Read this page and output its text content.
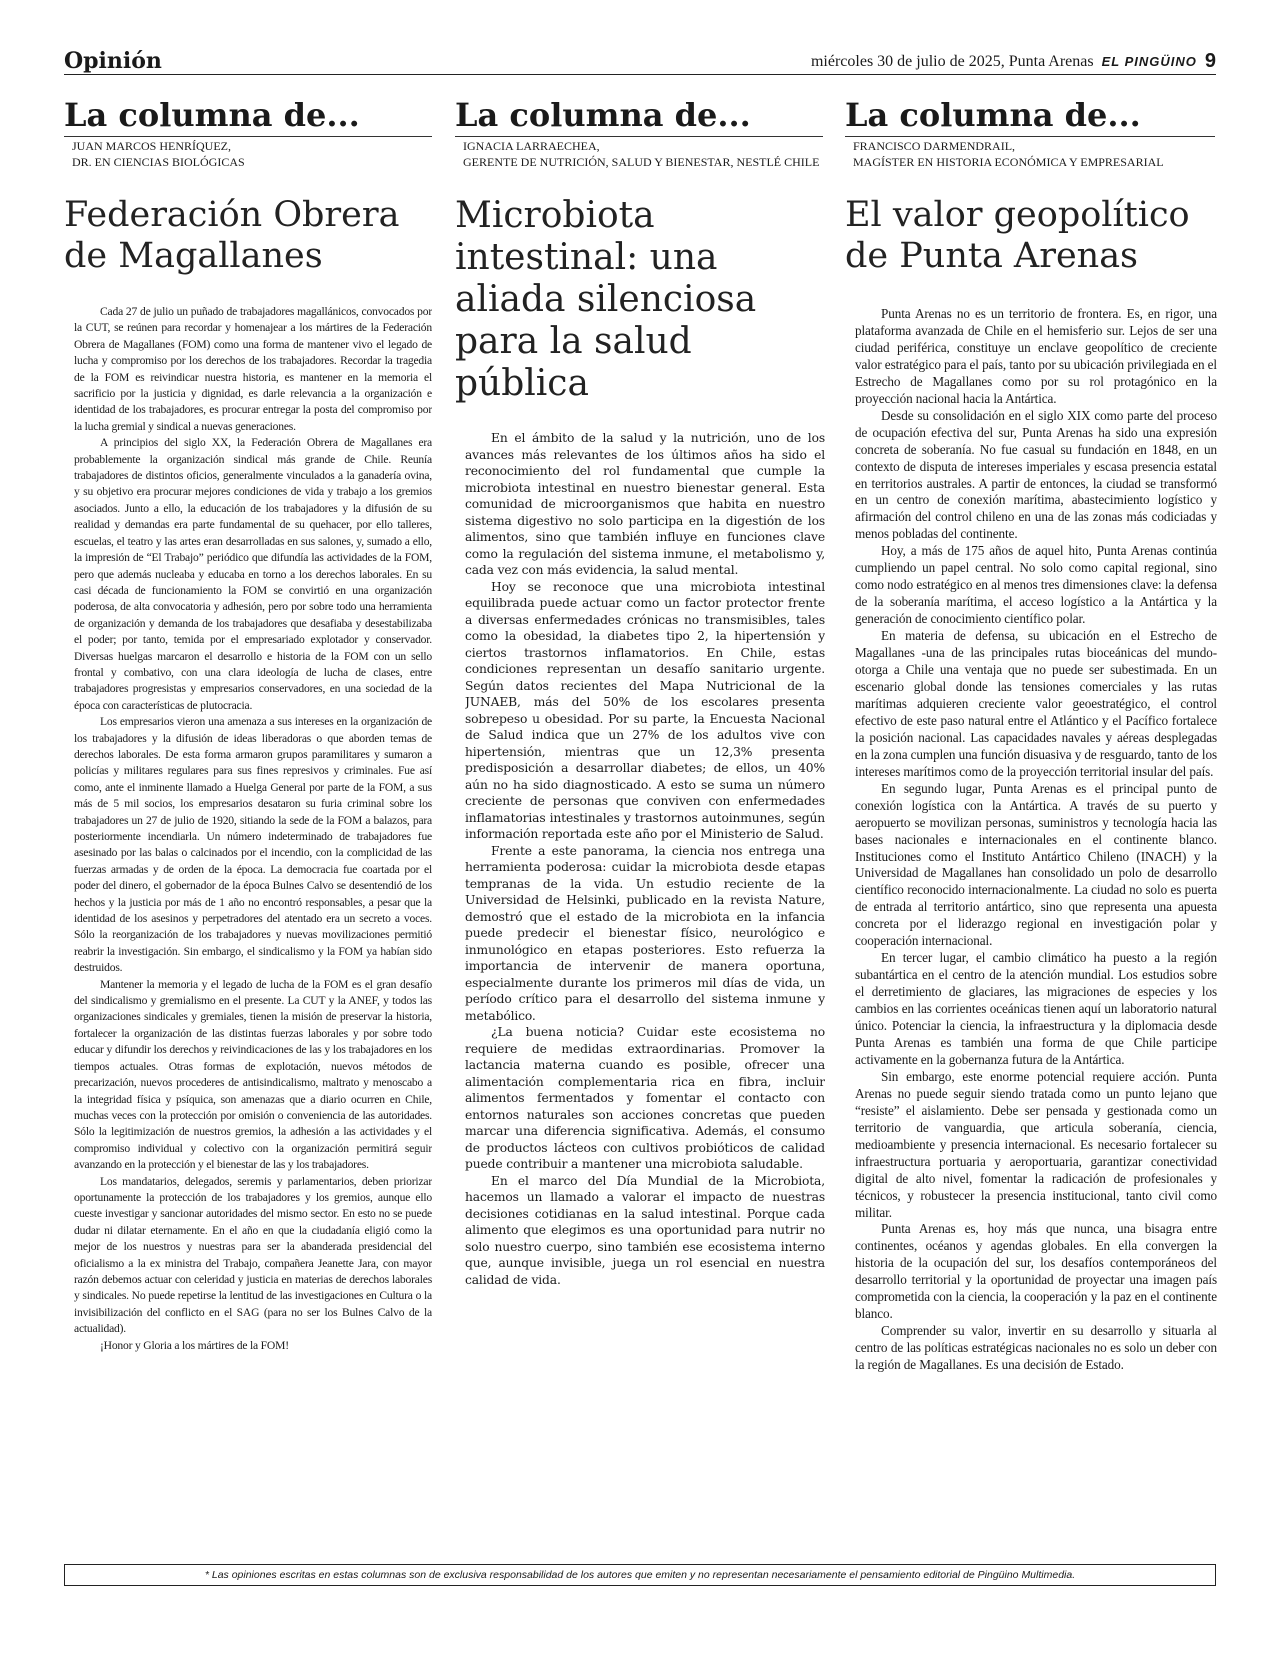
Opinión	miércoles 30 de julio de 2025, Punta Arenas EL PINGÜINO 9
La columna de...
JUAN MARCOS HENRÍQUEZ,
DR. EN CIENCIAS BIOLÓGICAS
Federación Obrera de Magallanes

Cada 27 de julio un puñado de trabajadores magallánicos, convocados por la CUT, se reúnen para recordar y homenajear a los mártires de la Federación Obrera de Magallanes (FOM) como una forma de mantener vivo el legado de lucha y compromiso por los derechos de los trabajadores. Recordar la tragedia de la FOM es reivindicar nuestra historia, es mantener en la memoria el sacrificio por la justicia y dignidad, es darle relevancia a la organización e identidad de los trabajadores, es procurar entregar la posta del compromiso por la lucha gremial y sindical a nuevas generaciones.

A principios del siglo XX, la Federación Obrera de Magallanes era probablemente la organización sindical más grande de Chile. Reunía trabajadores de distintos oficios, generalmente vinculados a la ganadería ovina, y su objetivo era procurar mejores condiciones de vida y trabajo a los gremios asociados. Junto a ello, la educación de los trabajadores y la difusión de su realidad y demandas era parte fundamental de su quehacer, por ello talleres, escuelas, el teatro y las artes eran desarrolladas en sus salones, y, sumado a ello, la impresión de “El Trabajo” periódico que difundía las actividades de la FOM, pero que además nucleaba y educaba en torno a los derechos laborales. En su casi década de funcionamiento la FOM se convirtió en una organización poderosa, de alta convocatoria y adhesión, pero por sobre todo una herramienta de organización y demanda de los trabajadores que desafiaba y desestabilizaba el poder; por tanto, temida por el empresariado explotador y conservador. Diversas huelgas marcaron el desarrollo e historia de la FOM con un sello frontal y combativo, con una clara ideología de lucha de clases, entre trabajadores progresistas y empresarios conservadores, en una sociedad de la época con características de plutocracia.

Los empresarios vieron una amenaza a sus intereses en la organización de los trabajadores y la difusión de ideas liberadoras o que aborden temas de derechos laborales. De esta forma armaron grupos paramilitares y sumaron a policías y militares regulares para sus fines represivos y criminales. Fue así como, ante el inminente llamado a Huelga General por parte de la FOM, a sus más de 5 mil socios, los empresarios desataron su furia criminal sobre los trabajadores un 27 de julio de 1920, sitiando la sede de la FOM a balazos, para posteriormente incendiarla. Un número indeterminado de trabajadores fue asesinado por las balas o calcinados por el incendio, con la complicidad de las fuerzas armadas y de orden de la época. La democracia fue coartada por el poder del dinero, el gobernador de la época Bulnes Calvo se desentendió de los hechos y la justicia por más de 1 año no encontró responsables, a pesar que la identidad de los asesinos y perpetradores del atentado era un secreto a voces. Sólo la reorganización de los trabajadores y nuevas movilizaciones permitió reabrir la investigación. Sin embargo, el sindicalismo y la FOM ya habían sido destruidos.

Mantener la memoria y el legado de lucha de la FOM es el gran desafío del sindicalismo y gremialismo en el presente. La CUT y la ANEF, y todos las organizaciones sindicales y gremiales, tienen la misión de preservar la historia, fortalecer la organización de las distintas fuerzas laborales y por sobre todo educar y difundir los derechos y reivindicaciones de las y los trabajadores en los tiempos actuales. Otras formas de explotación, nuevos métodos de precarización, nuevos procederes de antisindicalismo, maltrato y menoscabo a la integridad física y psíquica, son amenazas que a diario ocurren en Chile, muchas veces con la protección por omisión o conveniencia de las autoridades. Sólo la legitimización de nuestros gremios, la adhesión a las actividades y el compromiso individual y colectivo con la organización permitirá seguir avanzando en la protección y el bienestar de las y los trabajadores.

Los mandatarios, delegados, seremis y parlamentarios, deben priorizar oportunamente la protección de los trabajadores y los gremios, aunque ello cueste investigar y sancionar autoridades del mismo sector. En esto no se puede dudar ni dilatar eternamente. En el año en que la ciudadanía eligió como la mejor de los nuestros y nuestras para ser la abanderada presidencial del oficialismo a la ex ministra del Trabajo, compañera Jeanette Jara, con mayor razón debemos actuar con celeridad y justicia en materias de derechos laborales y sindicales. No puede repetirse la lentitud de las investigaciones en Cultura o la invisibilización del conflicto en el SAG (para no ser los Bulnes Calvo de la actualidad).

¡Honor y Gloria a los mártires de la FOM!

La columna de...
IGNACIA LARRAECHEA,
GERENTE DE NUTRICIÓN, SALUD Y BIENESTAR, NESTLÉ CHILE
Microbiota intestinal: una aliada silenciosa para la salud pública

En el ámbito de la salud y la nutrición, uno de los avances más relevantes de los últimos años ha sido el reconocimiento del rol fundamental que cumple la microbiota intestinal en nuestro bienestar general. Esta comunidad de microorganismos que habita en nuestro sistema digestivo no solo participa en la digestión de los alimentos, sino que también influye en funciones clave como la regulación del sistema inmune, el metabolismo y, cada vez con más evidencia, la salud mental.

Hoy se reconoce que una microbiota intestinal equilibrada puede actuar como un factor protector frente a diversas enfermedades crónicas no transmisibles, tales como la obesidad, la diabetes tipo 2, la hipertensión y ciertos trastornos inflamatorios. En Chile, estas condiciones representan un desafío sanitario urgente. Según datos recientes del Mapa Nutricional de la JUNAEB, más del 50% de los escolares presenta sobrepeso u obesidad. Por su parte, la Encuesta Nacional de Salud indica que un 27% de los adultos vive con hipertensión, mientras que un 12,3% presenta predisposición a desarrollar diabetes; de ellos, un 40% aún no ha sido diagnosticado. A esto se suma un número creciente de personas que conviven con enfermedades inflamatorias intestinales y trastornos autoinmunes, según información reportada este año por el Ministerio de Salud.

Frente a este panorama, la ciencia nos entrega una herramienta poderosa: cuidar la microbiota desde etapas tempranas de la vida. Un estudio reciente de la Universidad de Helsinki, publicado en la revista Nature, demostró que el estado de la microbiota en la infancia puede predecir el bienestar físico, neurológico e inmunológico en etapas posteriores. Esto refuerza la importancia de intervenir de manera oportuna, especialmente durante los primeros mil días de vida, un período crítico para el desarrollo del sistema inmune y metabólico.

¿La buena noticia? Cuidar este ecosistema no requiere de medidas extraordinarias. Promover la lactancia materna cuando es posible, ofrecer una alimentación complementaria rica en fibra, incluir alimentos fermentados y fomentar el contacto con entornos naturales son acciones concretas que pueden marcar una diferencia significativa. Además, el consumo de productos lácteos con cultivos probióticos de calidad puede contribuir a mantener una microbiota saludable.

En el marco del Día Mundial de la Microbiota, hacemos un llamado a valorar el impacto de nuestras decisiones cotidianas en la salud intestinal. Porque cada alimento que elegimos es una oportunidad para nutrir no solo nuestro cuerpo, sino también ese ecosistema interno que, aunque invisible, juega un rol esencial en nuestra calidad de vida.

La columna de...
FRANCISCO DARMENDRAIL,
MAGÍSTER EN HISTORIA ECONÓMICA Y EMPRESARIAL
El valor geopolítico de Punta Arenas

Punta Arenas no es un territorio de frontera. Es, en rigor, una plataforma avanzada de Chile en el hemisferio sur. Lejos de ser una ciudad periférica, constituye un enclave geopolítico de creciente valor estratégico para el país, tanto por su ubicación privilegiada en el Estrecho de Magallanes como por su rol protagónico en la proyección nacional hacia la Antártica.

Desde su consolidación en el siglo XIX como parte del proceso de ocupación efectiva del sur, Punta Arenas ha sido una expresión concreta de soberanía. No fue casual su fundación en 1848, en un contexto de disputa de intereses imperiales y escasa presencia estatal en territorios australes. A partir de entonces, la ciudad se transformó en un centro de conexión marítima, abastecimiento logístico y afirmación del control chileno en una de las zonas más codiciadas y menos pobladas del continente.

Hoy, a más de 175 años de aquel hito, Punta Arenas continúa cumpliendo un papel central. No solo como capital regional, sino como nodo estratégico en al menos tres dimensiones clave: la defensa de la soberanía marítima, el acceso logístico a la Antártica y la generación de conocimiento científico polar.

En materia de defensa, su ubicación en el Estrecho de Magallanes -una de las principales rutas bioceánicas del mundo- otorga a Chile una ventaja que no puede ser subestimada. En un escenario global donde las tensiones comerciales y las rutas marítimas adquieren creciente valor geoestratégico, el control efectivo de este paso natural entre el Atlántico y el Pacífico fortalece la posición nacional. Las capacidades navales y aéreas desplegadas en la zona cumplen una función disuasiva y de resguardo, tanto de los intereses marítimos como de la proyección territorial insular del país.

En segundo lugar, Punta Arenas es el principal punto de conexión logística con la Antártica. A través de su puerto y aeropuerto se movilizan personas, suministros y tecnología hacia las bases nacionales e internacionales en el continente blanco. Instituciones como el Instituto Antártico Chileno (INACH) y la Universidad de Magallanes han consolidado un polo de desarrollo científico reconocido internacionalmente. La ciudad no solo es puerta de entrada al territorio antártico, sino que representa una apuesta concreta por el liderazgo regional en investigación polar y cooperación internacional.

En tercer lugar, el cambio climático ha puesto a la región subantártica en el centro de la atención mundial. Los estudios sobre el derretimiento de glaciares, las migraciones de especies y los cambios en las corrientes oceánicas tienen aquí un laboratorio natural único. Potenciar la ciencia, la infraestructura y la diplomacia desde Punta Arenas es también una forma de que Chile participe activamente en la gobernanza futura de la Antártica.

Sin embargo, este enorme potencial requiere acción. Punta Arenas no puede seguir siendo tratada como un punto lejano que “resiste” el aislamiento. Debe ser pensada y gestionada como un territorio de vanguardia, que articula soberanía, ciencia, medioambiente y presencia internacional. Es necesario fortalecer su infraestructura portuaria y aeroportuaria, garantizar conectividad digital de alto nivel, fomentar la radicación de profesionales y técnicos, y robustecer la presencia institucional, tanto civil como militar.

Punta Arenas es, hoy más que nunca, una bisagra entre continentes, océanos y agendas globales. En ella convergen la historia de la ocupación del sur, los desafíos contemporáneos del desarrollo territorial y la oportunidad de proyectar una imagen país comprometida con la ciencia, la cooperación y la paz en el continente blanco.

Comprender su valor, invertir en su desarrollo y situarla al centro de las políticas estratégicas nacionales no es solo un deber con la región de Magallanes. Es una decisión de Estado.

* Las opiniones escritas en estas columnas son de exclusiva responsabilidad de los autores que emiten y no representan necesariamente el pensamiento editorial de Pingüino Multimedia.
